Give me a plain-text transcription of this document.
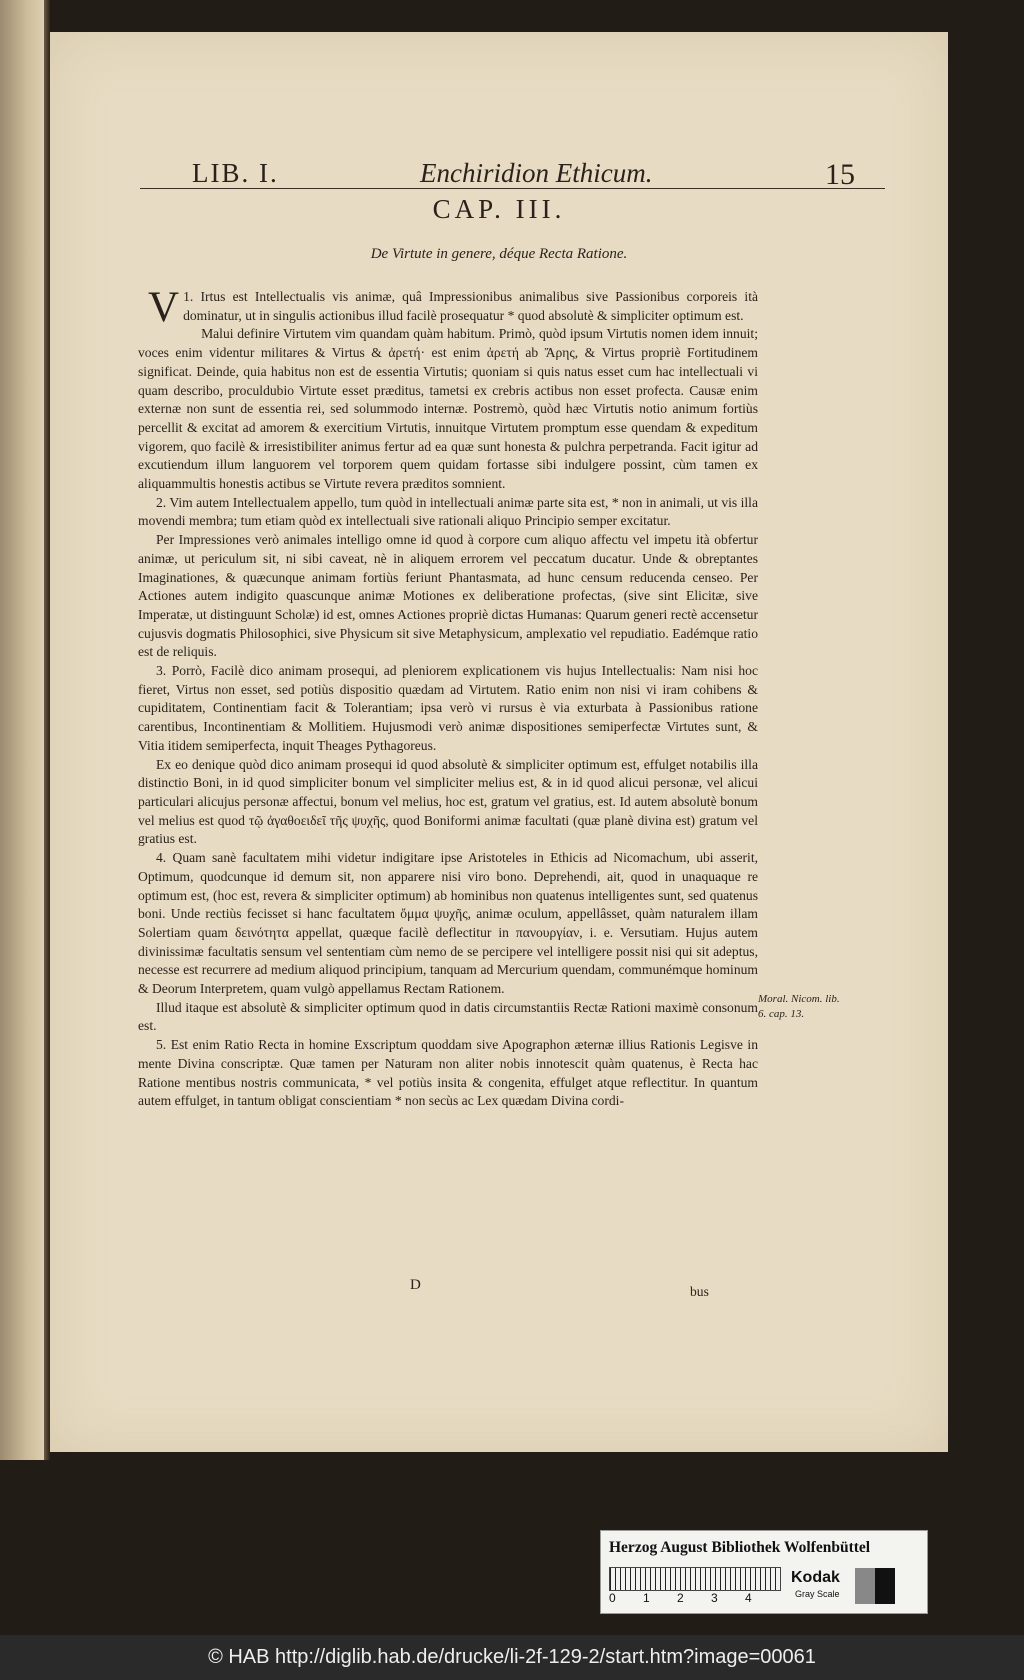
LIB. I.	Enchiridion Ethicum.	15
CAP. III.
De Virtute in genere, déque Recta Ratione.

V 1. Irtus est Intellectualis vis animæ, quâ Impressionibus animalibus sive Passionibus corporeis ità dominatur, ut in singulis actionibus illud facilè prosequatur * quod absolutè & simpliciter optimum est.

Malui definire Virtutem vim quandam quàm habitum. Primò, quòd ipsum Virtutis nomen idem innuit; voces enim videntur militares & Virtus & ἀρετή· est enim ἀρετή ab Ἄρης, & Virtus propriè Fortitudinem significat. Deinde, quia habitus non est de essentia Virtutis; quoniam si quis natus esset cum hac intellectuali vi quam describo, proculdubio Virtute esset præditus, tametsi ex crebris actibus non esset profecta. Causæ enim externæ non sunt de essentia rei, sed solummodo internæ. Postremò, quòd hæc Virtutis notio animum fortiùs percellit & excitat ad amorem & exercitium Virtutis, innuitque Virtutem promptum esse quendam & expeditum vigorem, quo facilè & irresistibiliter animus fertur ad ea quæ sunt honesta & pulchra perpetranda. Facit igitur ad excutiendum illum languorem vel torporem quem quidam fortasse sibi indulgere possint, cùm tamen ex aliquammultis honestis actibus se Virtute revera præditos somnient.

2. Vim autem Intellectualem appello, tum quòd in intellectuali animæ parte sita est, * non in animali, ut vis illa movendi membra; tum etiam quòd ex intellectuali sive rationali aliquo Principio semper excitatur.

Per Impressiones verò animales intelligo omne id quod à corpore cum aliquo affectu vel impetu ità obfertur animæ, ut periculum sit, ni sibi caveat, nè in aliquem errorem vel peccatum ducatur. Unde & obreptantes Imaginationes, & quæcunque animam fortiùs feriunt Phantasmata, ad hunc censum reducenda censeo. Per Actiones autem indigito quascunque animæ Motiones ex deliberatione profectas, (sive sint Elicitæ, sive Imperatæ, ut distinguunt Scholæ) id est, omnes Actiones propriè dictas Humanas: Quarum generi rectè accensetur cujusvis dogmatis Philosophici, sive Physicum sit sive Metaphysicum, amplexatio vel repudiatio. Eadémque ratio est de reliquis.

3. Porrò, Facilè dico animam prosequi, ad pleniorem explicationem vis hujus Intellectualis: Nam nisi hoc fieret, Virtus non esset, sed potiùs dispositio quædam ad Virtutem. Ratio enim non nisi vi iram cohibens & cupiditatem, Continentiam facit & Tolerantiam; ipsa verò vi rursus è via exturbata à Passionibus ratione carentibus, Incontinentiam & Mollitiem. Hujusmodi verò animæ dispositiones semiperfectæ Virtutes sunt, & Vitia itidem semiperfecta, inquit Theages Pythagoreus.

Ex eo denique quòd dico animam prosequi id quod absolutè & simpliciter optimum est, effulget notabilis illa distinctio Boni, in id quod simpliciter bonum vel simpliciter melius est, & in id quod alicui personæ, vel alicui particulari alicujus personæ affectui, bonum vel melius, hoc est, gratum vel gratius, est. Id autem absolutè bonum vel melius est quod τῷ ἀγαθοειδεῖ τῆς ψυχῆς, quod Boniformi animæ facultati (quæ planè divina est) gratum vel gratius est.

4. Quam sanè facultatem mihi videtur indigitare ipse Aristoteles in Ethicis ad Nicomachum, ubi asserit, Optimum, quodcunque id demum sit, non apparere nisi viro bono. Deprehendi, ait, quod in unaquaque re optimum est, (hoc est, revera & simpliciter optimum) ab hominibus non quatenus intelligentes sunt, sed quatenus boni. Unde rectiùs fecisset si hanc facultatem ὄμμα ψυχῆς, animæ oculum, appellâsset, quàm naturalem illam Solertiam quam δεινότητα appellat, quæque facilè deflectitur in πανουργίαν, i. e. Versutiam. Hujus autem divinissimæ facultatis sensum vel sententiam cùm nemo de se percipere vel intelligere possit nisi qui sit adeptus, necesse est recurrere ad medium aliquod principium, tanquam ad Mercurium quendam, communémque hominum & Deorum Interpretem, quam vulgò appellamus Rectam Rationem.

Illud itaque est absolutè & simpliciter optimum quod in datis circumstantiis Rectæ Rationi maximè consonum est.

5. Est enim Ratio Recta in homine Exscriptum quoddam sive Apographon æternæ illius Rationis Legisve in mente Divina conscriptæ. Quæ tamen per Naturam non aliter nobis innotescit quàm quatenus, è Recta hac Ratione mentibus nostris communicata, * vel potiùs insita & congenita, effulget atque reflectitur. In quantum autem effulget, in tantum obligat conscientiam * non secùs ac Lex quædam Divina cordi-

Moral. Nicom. lib. 6. cap. 13.
D	bus
Herzog August Bibliothek Wolfenbüttel
0 1 2 3 4
Kodak
Gray Scale
© HAB http://diglib.hab.de/drucke/li-2f-129-2/start.htm?image=00061
